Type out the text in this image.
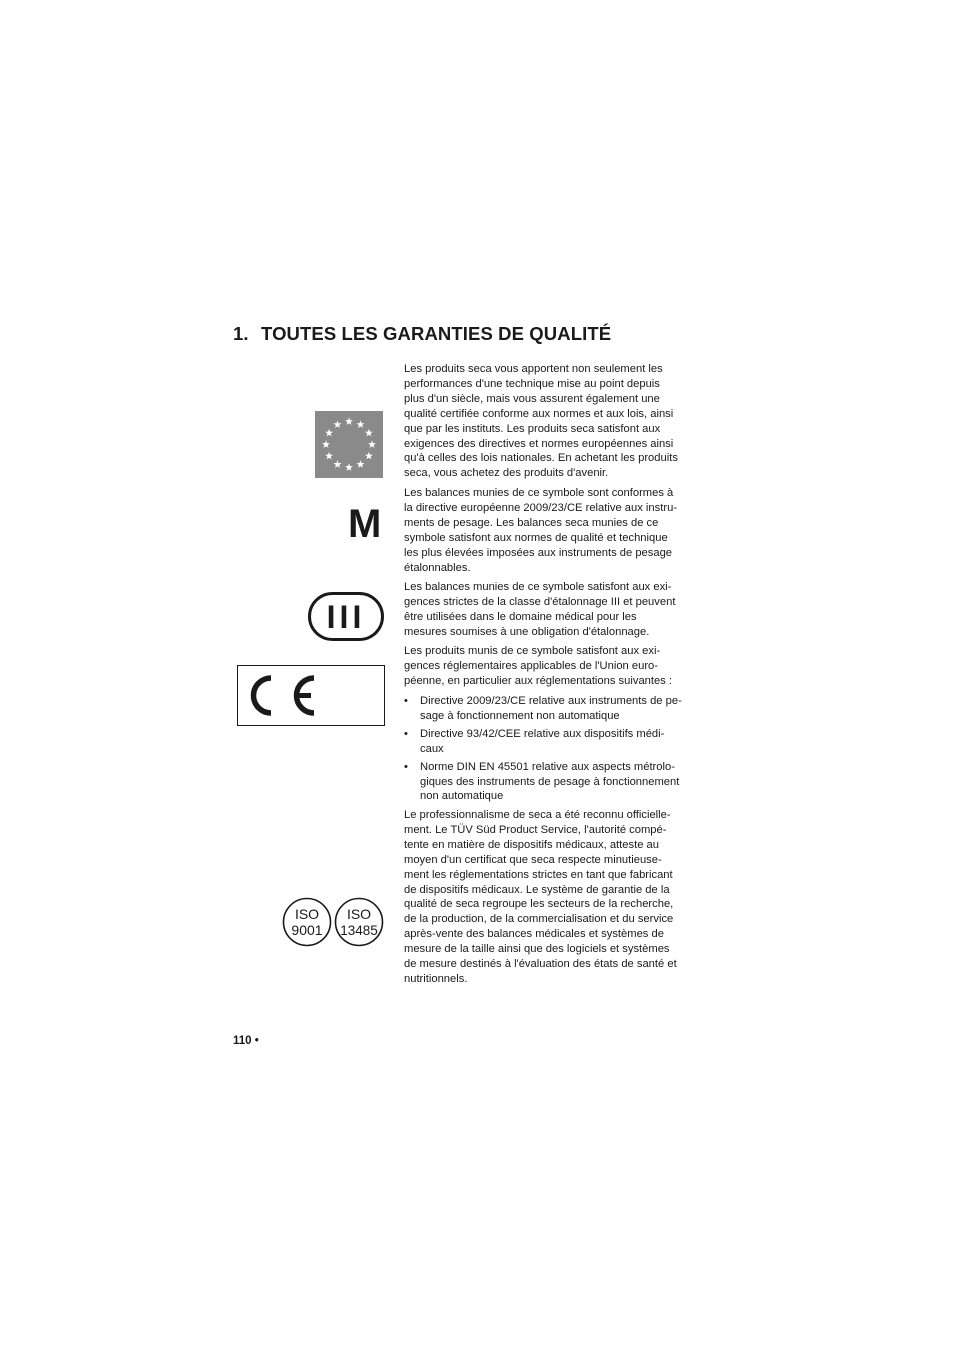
1. TOUTES LES GARANTIES DE QUALITÉ
Les produits seca vous apportent non seulement les
performances d'une technique mise au point depuis
plus d'un siècle, mais vous assurent également une
qualité certifiée conforme aux normes et aux lois, ainsi
que par les instituts. Les produits seca satisfont aux
exigences des directives et normes européennes ainsi
qu'à celles des lois nationales. En achetant les produits
seca, vous achetez des produits d'avenir.
Les balances munies de ce symbole sont conformes à
la directive européenne 2009/23/CE relative aux instru-
ments de pesage. Les balances seca munies de ce
symbole satisfont aux normes de qualité et technique
les plus élevées imposées aux instruments de pesage
étalonnables.
Les balances munies de ce symbole satisfont aux exi-
gences strictes de la classe d'étalonnage III et peuvent
être utilisées dans le domaine médical pour les
mesures soumises à une obligation d'étalonnage.
Les produits munis de ce symbole satisfont aux exi-
gences réglementaires applicables de l'Union euro-
péenne, en particulier aux réglementations suivantes :
• Directive 2009/23/CE relative aux instruments de pe-
sage à fonctionnement non automatique
• Directive 93/42/CEE relative aux dispositifs médi-
caux
• Norme DIN EN 45501 relative aux aspects métrolo-
giques des instruments de pesage à fonctionnement
non automatique
Le professionnalisme de seca a été reconnu officielle-
ment. Le TÜV Süd Product Service, l'autorité compé-
tente en matière de dispositifs médicaux, atteste au
moyen d'un certificat que seca respecte minutieuse-
ment les réglementations strictes en tant que fabricant
de dispositifs médicaux. Le système de garantie de la
qualité de seca regroupe les secteurs de la recherche,
de la production, de la commercialisation et du service
après-vente des balances médicales et systèmes de
mesure de la taille ainsi que des logiciels et systèmes
de mesure destinés à l'évaluation des états de santé et
nutritionnels.
M
III
ISO
9001
ISO
13485
110 •
